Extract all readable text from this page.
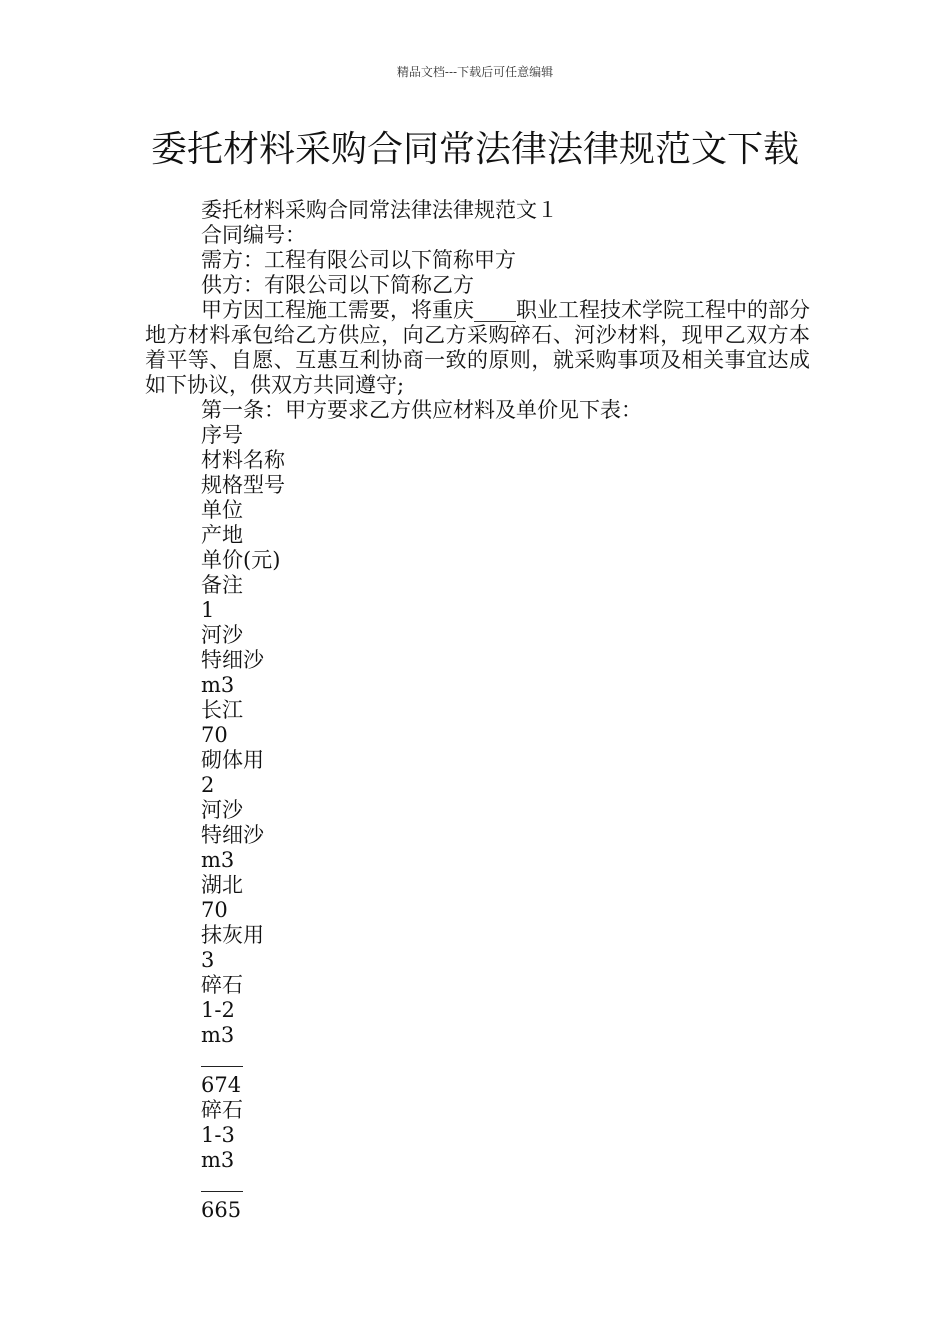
精品文档---下载后可任意编辑
委托材料采购合同常法律法律规范文下载
委托材料采购合同常法律法律规范文１
合同编号：
需方：工程有限公司以下简称甲方
供方：有限公司以下简称乙方
甲方因工程施工需要，将重庆____职业工程技术学院工程中的部分地方材料承包给乙方供应，向乙方采购碎石、河沙材料，现甲乙双方本着平等、自愿、互惠互利协商一致的原则，就采购事项及相关事宜达成如下协议，供双方共同遵守;
第一条：甲方要求乙方供应材料及单价见下表：
序号
材料名称
规格型号
单位
产地
单价(元)
备注
1
河沙
特细沙
m3
长江
70
砌体用
2
河沙
特细沙
m3
湖北
70
抹灰用
3
碎石
1-2
m3
674
碎石
1-3
m3
665
